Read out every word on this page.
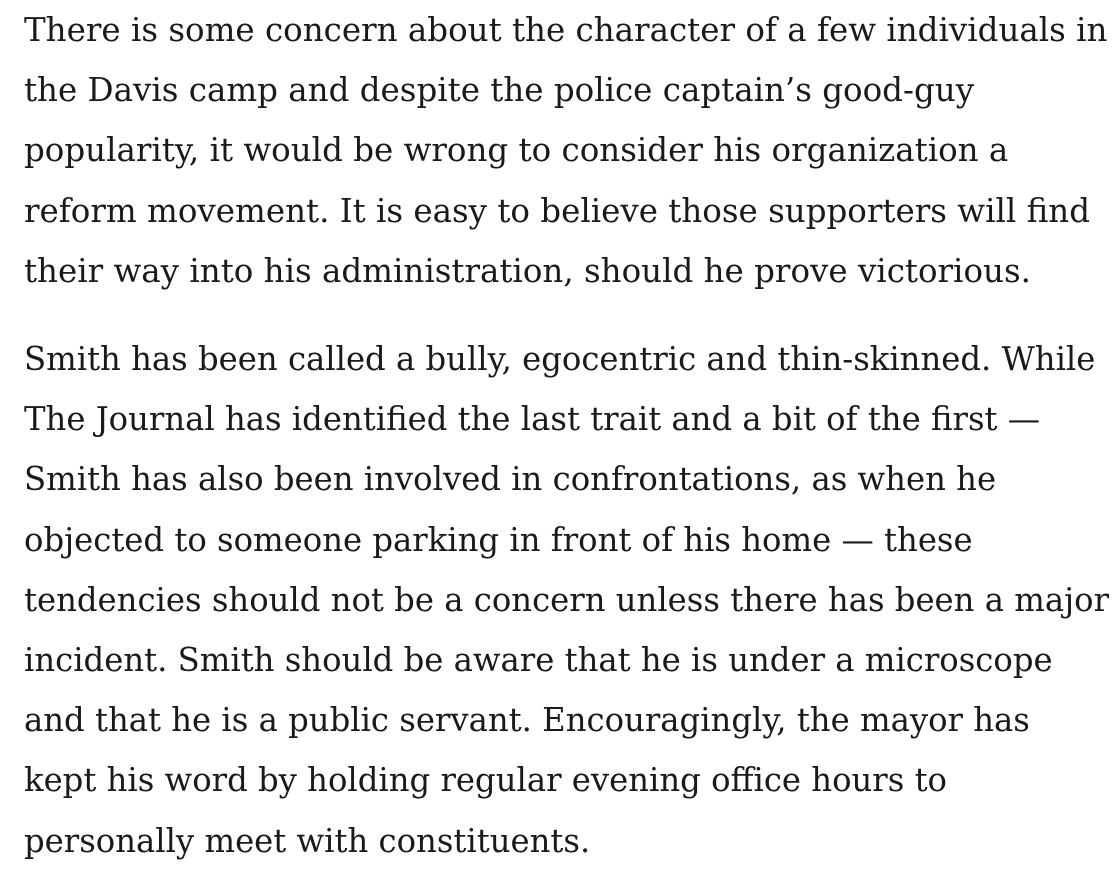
There is some concern about the character of a few individuals in
the Davis camp and despite the police captain’s good-guy
popularity, it would be wrong to consider his organization a
reform movement. It is easy to believe those supporters will find
their way into his administration, should he prove victorious.

Smith has been called a bully, egocentric and thin-skinned. While
The Journal has identified the last trait and a bit of the first —
Smith has also been involved in confrontations, as when he
objected to someone parking in front of his home — these
tendencies should not be a concern unless there has been a major
incident. Smith should be aware that he is under a microscope
and that he is a public servant. Encouragingly, the mayor has
kept his word by holding regular evening office hours to
personally meet with constituents.
